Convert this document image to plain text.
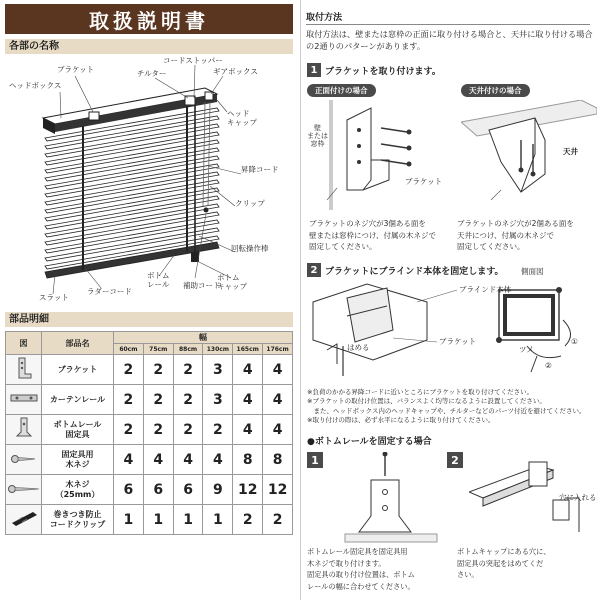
取扱説明書
各部の名称
ブラケット
ヘッドボックス
チルター
コードストッパー
ギアボックス
ヘッド
キャップ
昇降コード
クリップ
回転操作棒
ボトム
キャップ
補助コード
ボトム
レール
ラダーコード
スラット
部品明細
図	部品名	幅					
		60cm	75cm	88cm	130cm	165cm	176cm
	ブラケット	2	2	2	3	4	4
	カーテンレール	2	2	2	3	4	4
	ボトムレール
固定具	2	2	2	2	4	4
	固定具用
木ネジ	4	4	4	4	8	8
	木ネジ
（25mm）	6	6	6	9	12	12
	巻きつき防止
コードクリップ	1	1	1	1	2	2
取付方法
取付方法は、壁または窓枠の正面に取り付ける場合と、天井に取り付ける場合の2通りのパターンがあります。
1 ブラケットを取り付けます。
正面付けの場合	天井付けの場合
壁
または
窓枠
ブラケット
天井
ブラケットのネジ穴が3個ある面を
壁または窓枠につけ、付属の木ネジで
固定してください。
ブラケットのネジ穴が2個ある面を
天井につけ、付属の木ネジで
固定してください。
2 ブラケットにブラインド本体を固定します。 側面図
ブラインド本体
ブラケット
はめる	ツメ
①
②
※負荷のかかる昇降コードに近いところにブラケットを取り付けてください。
※ブラケットの取付け位置は、バランスよく均等になるように設置してください。
　また、ヘッドボックス内のヘッドキャップや、チルターなどのパーツ付近を避けてください。
※取り付けの際は、必ず水平になるように取り付けてください。
●ボトムレールを固定する場合
1	2
穴に入れる
ボトムレール固定具を固定具用
木ネジで取り付けます。
固定具の取り付け位置は、ボトム
レールの幅に合わせてください。
ボトムキャップにある穴に、
固定具の突起をはめてくだ
さい。
